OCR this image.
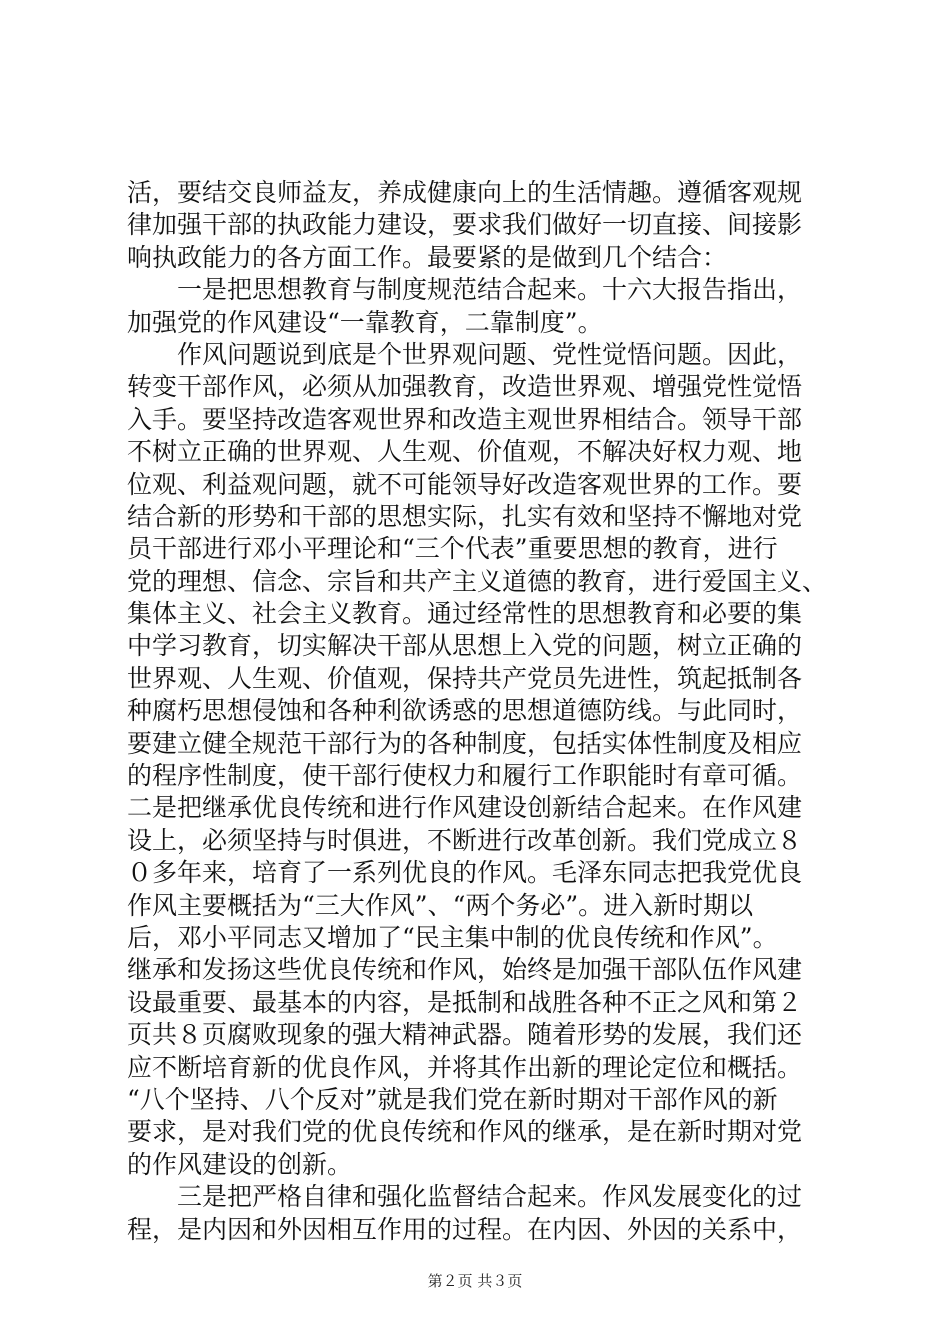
活，要结交良师益友，养成健康向上的生活情趣。遵循客观规
律加强干部的执政能力建设，要求我们做好一切直接、间接影
响执政能力的各方面工作。最要紧的是做到几个结合：
一是把思想教育与制度规范结合起来。十六大报告指出，
加强党的作风建设“一靠教育，二靠制度”。
作风问题说到底是个世界观问题、党性觉悟问题。因此，
转变干部作风，必须从加强教育，改造世界观、增强党性觉悟
入手。要坚持改造客观世界和改造主观世界相结合。领导干部
不树立正确的世界观、人生观、价值观，不解决好权力观、地
位观、利益观问题，就不可能领导好改造客观世界的工作。要
结合新的形势和干部的思想实际，扎实有效和坚持不懈地对党
员干部进行邓小平理论和“三个代表”重要思想的教育，进行
党的理想、信念、宗旨和共产主义道德的教育，进行爱国主义、
集体主义、社会主义教育。通过经常性的思想教育和必要的集
中学习教育，切实解决干部从思想上入党的问题，树立正确的
世界观、人生观、价值观，保持共产党员先进性，筑起抵制各
种腐朽思想侵蚀和各种利欲诱惑的思想道德防线。与此同时，
要建立健全规范干部行为的各种制度，包括实体性制度及相应
的程序性制度，使干部行使权力和履行工作职能时有章可循。
二是把继承优良传统和进行作风建设创新结合起来。在作风建
设上，必须坚持与时俱进，不断进行改革创新。我们党成立８
０多年来，培育了一系列优良的作风。毛泽东同志把我党优良
作风主要概括为“三大作风”、“两个务必”。进入新时期以
后，邓小平同志又增加了“民主集中制的优良传统和作风”。
继承和发扬这些优良传统和作风，始终是加强干部队伍作风建
设最重要、最基本的内容，是抵制和战胜各种不正之风和第２
页共８页腐败现象的强大精神武器。随着形势的发展，我们还
应不断培育新的优良作风，并将其作出新的理论定位和概括。
“八个坚持、八个反对”就是我们党在新时期对干部作风的新
要求，是对我们党的优良传统和作风的继承，是在新时期对党
的作风建设的创新。
三是把严格自律和强化监督结合起来。作风发展变化的过
程，是内因和外因相互作用的过程。在内因、外因的关系中，
第２页 共３页
